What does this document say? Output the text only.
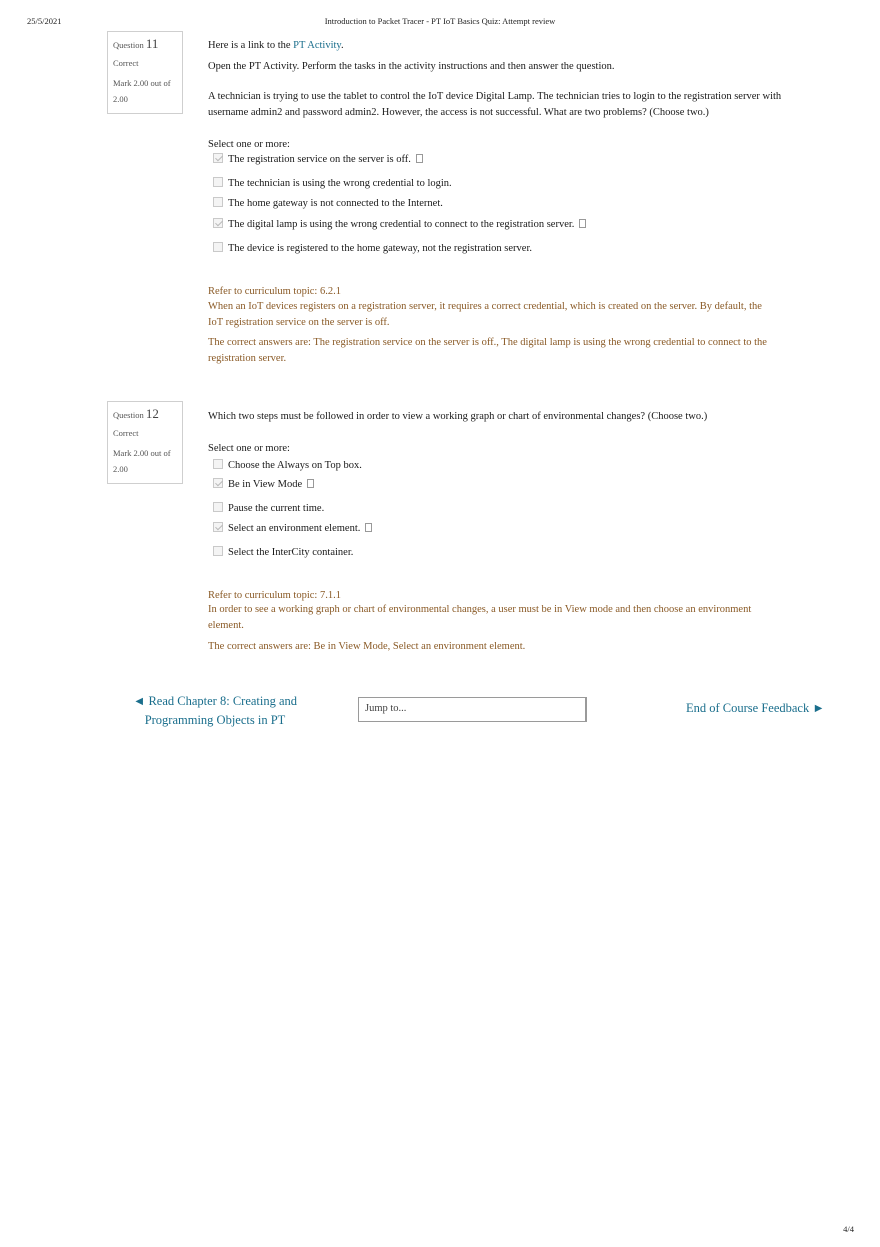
25/5/2021	Introduction to Packet Tracer - PT IoT Basics Quiz: Attempt review
Question 11
Correct
Mark 2.00 out of 2.00
Here is a link to the PT Activity.
Open the PT Activity. Perform the tasks in the activity instructions and then answer the question.
A technician is trying to use the tablet to control the IoT device Digital Lamp. The technician tries to login to the registration server with username admin2 and password admin2. However, the access is not successful. What are two problems? (Choose two.)
Select one or more:
The registration service on the server is off.
The technician is using the wrong credential to login.
The home gateway is not connected to the Internet.
The digital lamp is using the wrong credential to connect to the registration server.
The device is registered to the home gateway, not the registration server.
Refer to curriculum topic: 6.2.1
When an IoT devices registers on a registration server, it requires a correct credential, which is created on the server. By default, the IoT registration service on the server is off.
The correct answers are: The registration service on the server is off., The digital lamp is using the wrong credential to connect to the registration server.
Question 12
Correct
Mark 2.00 out of 2.00
Which two steps must be followed in order to view a working graph or chart of environmental changes? (Choose two.)
Select one or more:
Choose the Always on Top box.
Be in View Mode
Pause the current time.
Select an environment element.
Select the InterCity container.
Refer to curriculum topic: 7.1.1
In order to see a working graph or chart of environmental changes, a user must be in View mode and then choose an environment element.
The correct answers are: Be in View Mode, Select an environment element.
◄ Read Chapter 8: Creating and
Programming Objects in PT
Jump to...	End of Course Feedback ►
4/4
